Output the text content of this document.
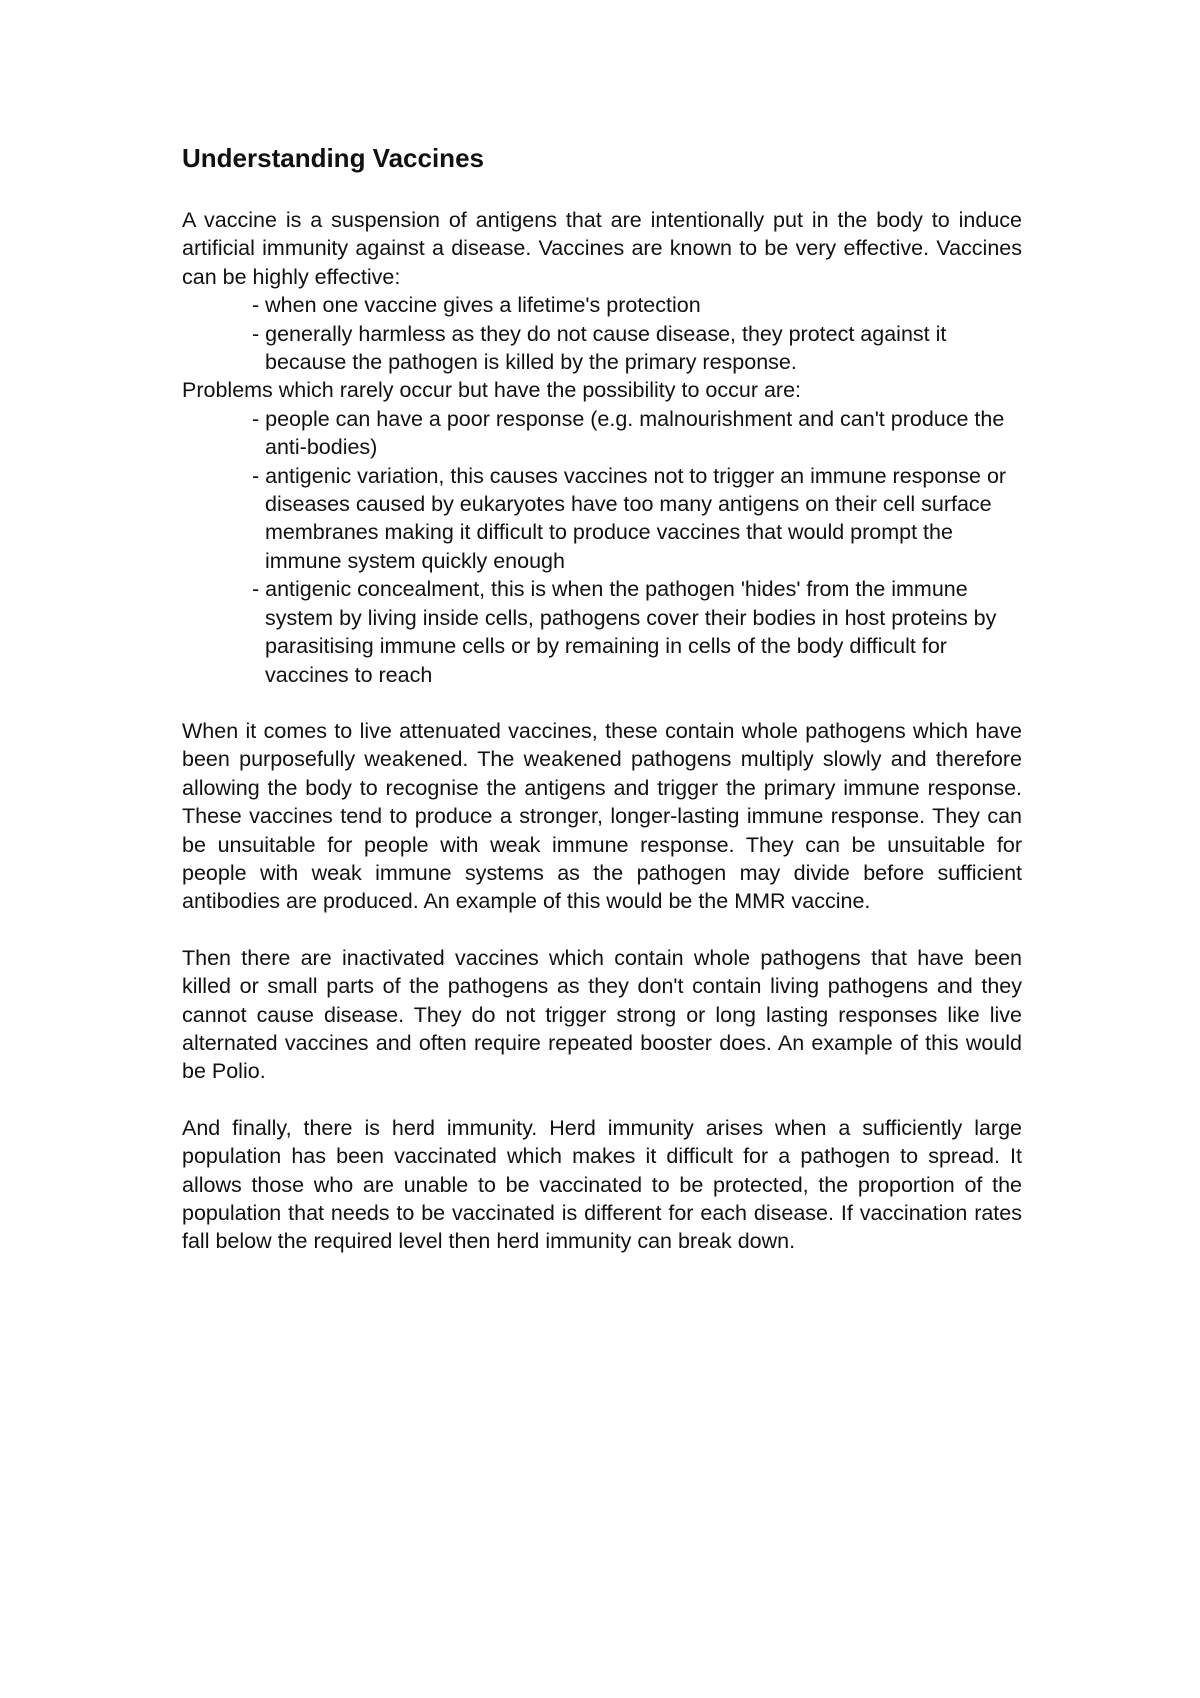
Understanding Vaccines

A vaccine is a suspension of antigens that are intentionally put in the body to induce artificial immunity against a disease. Vaccines are known to be very effective. Vaccines can be highly effective:

- when one vaccine gives a lifetime's protection
- generally harmless as they do not cause disease, they protect against it because the pathogen is killed by the primary response.

Problems which rarely occur but have the possibility to occur are:

- people can have a poor response (e.g. malnourishment and can't produce the anti-bodies)
- antigenic variation, this causes vaccines not to trigger an immune response or diseases caused by eukaryotes have too many antigens on their cell surface membranes making it difficult to produce vaccines that would prompt the immune system quickly enough
- antigenic concealment, this is when the pathogen 'hides' from the immune system by living inside cells, pathogens cover their bodies in host proteins by parasitising immune cells or by remaining in cells of the body difficult for vaccines to reach

When it comes to live attenuated vaccines, these contain whole pathogens which have been purposefully weakened. The weakened pathogens multiply slowly and therefore allowing the body to recognise the antigens and trigger the primary immune response. These vaccines tend to produce a stronger, longer-lasting immune response. They can be unsuitable for people with weak immune response. They can be unsuitable for people with weak immune systems as the pathogen may divide before sufficient antibodies are produced. An example of this would be the MMR vaccine.

Then there are inactivated vaccines which contain whole pathogens that have been killed or small parts of the pathogens as they don't contain living pathogens and they cannot cause disease. They do not trigger strong or long lasting responses like live alternated vaccines and often require repeated booster does. An example of this would be Polio.

And finally, there is herd immunity. Herd immunity arises when a sufficiently large population has been vaccinated which makes it difficult for a pathogen to spread. It allows those who are unable to be vaccinated to be protected, the proportion of the population that needs to be vaccinated is different for each disease. If vaccination rates fall below the required level then herd immunity can break down.
